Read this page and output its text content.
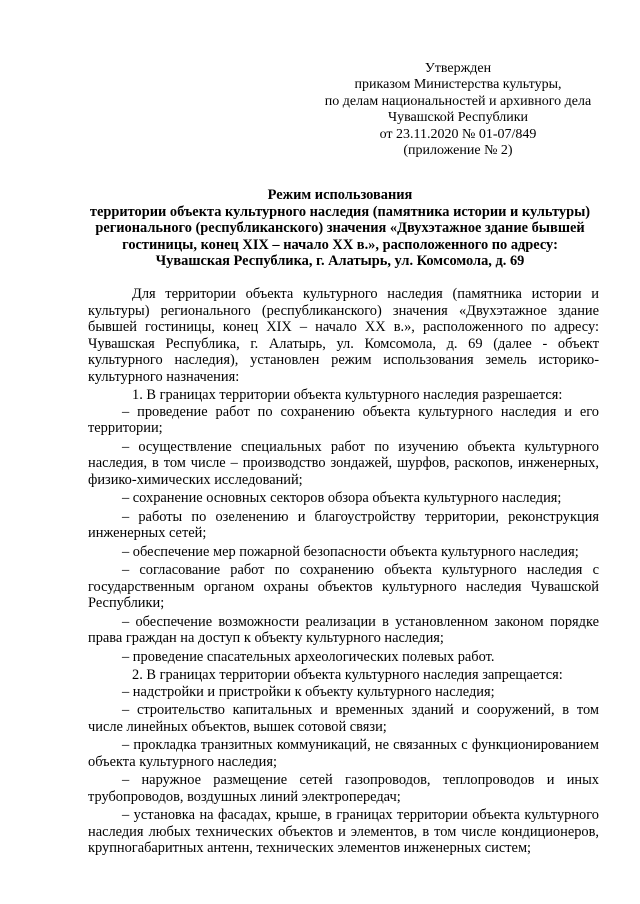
Утвержден
приказом Министерства культуры,
по делам национальностей и архивного дела
Чувашской Республики
от 23.11.2020 № 01-07/849
(приложение № 2)
Режим использования
территории объекта культурного наследия (памятника истории и культуры)
регионального (республиканского) значения «Двухэтажное здание бывшей
гостиницы, конец XIX – начало XX в.», расположенного по адресу:
Чувашская Республика, г. Алатырь, ул. Комсомола, д. 69

Для территории объекта культурного наследия (памятника истории и культуры) регионального (республиканского) значения «Двухэтажное здание бывшей гостиницы, конец XIX – начало XX в.», расположенного по адресу: Чувашская Республика, г. Алатырь, ул. Комсомола, д. 69 (далее - объект культурного наследия), установлен режим использования земель историко-культурного назначения:

1. В границах территории объекта культурного наследия разрешается:

– проведение работ по сохранению объекта культурного наследия и его территории;

– осуществление специальных работ по изучению объекта культурного наследия, в том числе – производство зондажей, шурфов, раскопов, инженерных, физико-химических исследований;

– сохранение основных секторов обзора объекта культурного наследия;

– работы по озеленению и благоустройству территории, реконструкция инженерных сетей;

– обеспечение мер пожарной безопасности объекта культурного наследия;

– согласование работ по сохранению объекта культурного наследия с государственным органом охраны объектов культурного наследия Чувашской Республики;

– обеспечение возможности реализации в установленном законом порядке права граждан на доступ к объекту культурного наследия;

– проведение спасательных археологических полевых работ.

2. В границах территории объекта культурного наследия запрещается:

– надстройки и пристройки к объекту культурного наследия;

– строительство капитальных и временных зданий и сооружений, в том числе линейных объектов, вышек сотовой связи;

– прокладка транзитных коммуникаций, не связанных с функционированием объекта культурного наследия;

– наружное размещение сетей газопроводов, теплопроводов и иных трубопроводов, воздушных линий электропередач;

– установка на фасадах, крыше, в границах территории объекта культурного наследия любых технических объектов и элементов, в том числе кондиционеров, крупногабаритных антенн, технических элементов инженерных систем;
